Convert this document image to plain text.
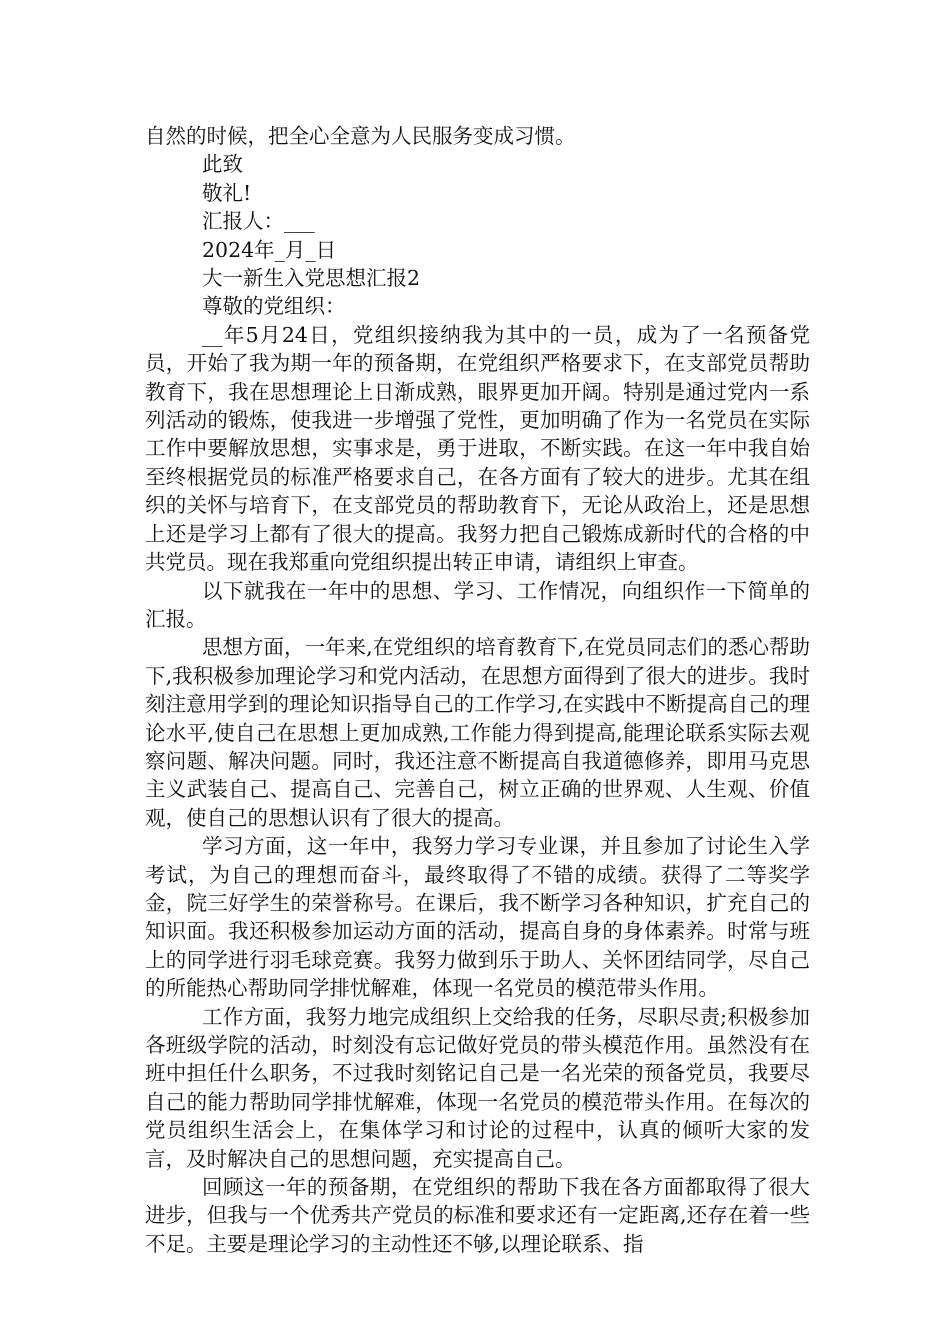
自然的时候，把全心全意为人民服务变成习惯。

此致

敬礼!

汇报人：___

2024年_月_日

大一新生入党思想汇报2

尊敬的党组织：

__年5月24日，党组织接纳我为其中的一员，成为了一名预备党员，开始了我为期一年的预备期，在党组织严格要求下，在支部党员帮助教育下，我在思想理论上日渐成熟，眼界更加开阔。特别是通过党内一系列活动的锻炼，使我进一步增强了党性，更加明确了作为一名党员在实际工作中要解放思想，实事求是，勇于进取，不断实践。在这一年中我自始至终根据党员的标准严格要求自己，在各方面有了较大的进步。尤其在组织的关怀与培育下，在支部党员的帮助教育下，无论从政治上，还是思想上还是学习上都有了很大的提高。我努力把自己锻炼成新时代的合格的中共党员。现在我郑重向党组织提出转正申请，请组织上审查。

以下就我在一年中的思想、学习、工作情况，向组织作一下简单的汇报。

思想方面，一年来,在党组织的培育教育下,在党员同志们的悉心帮助下,我积极参加理论学习和党内活动，在思想方面得到了很大的进步。我时刻注意用学到的理论知识指导自己的工作学习,在实践中不断提高自己的理论水平,使自己在思想上更加成熟,工作能力得到提高,能理论联系实际去观察问题、解决问题。同时，我还注意不断提高自我道德修养，即用马克思主义武装自己、提高自己、完善自己，树立正确的世界观、人生观、价值观，使自己的思想认识有了很大的提高。

学习方面，这一年中，我努力学习专业课，并且参加了讨论生入学考试，为自己的理想而奋斗，最终取得了不错的成绩。获得了二等奖学金，院三好学生的荣誉称号。在课后，我不断学习各种知识，扩充自己的知识面。我还积极参加运动方面的活动，提高自身的身体素养。时常与班上的同学进行羽毛球竞赛。我努力做到乐于助人、关怀团结同学，尽自己的所能热心帮助同学排忧解难，体现一名党员的模范带头作用。

工作方面，我努力地完成组织上交给我的任务，尽职尽责;积极参加各班级学院的活动，时刻没有忘记做好党员的带头模范作用。虽然没有在班中担任什么职务，不过我时刻铭记自己是一名光荣的预备党员，我要尽自己的能力帮助同学排忧解难，体现一名党员的模范带头作用。在每次的党员组织生活会上，在集体学习和讨论的过程中，认真的倾听大家的发言，及时解决自己的思想问题，充实提高自己。

回顾这一年的预备期，在党组织的帮助下我在各方面都取得了很大进步，但我与一个优秀共产党员的标准和要求还有一定距离,还存在着一些不足。主要是理论学习的主动性还不够,以理论联系、指
